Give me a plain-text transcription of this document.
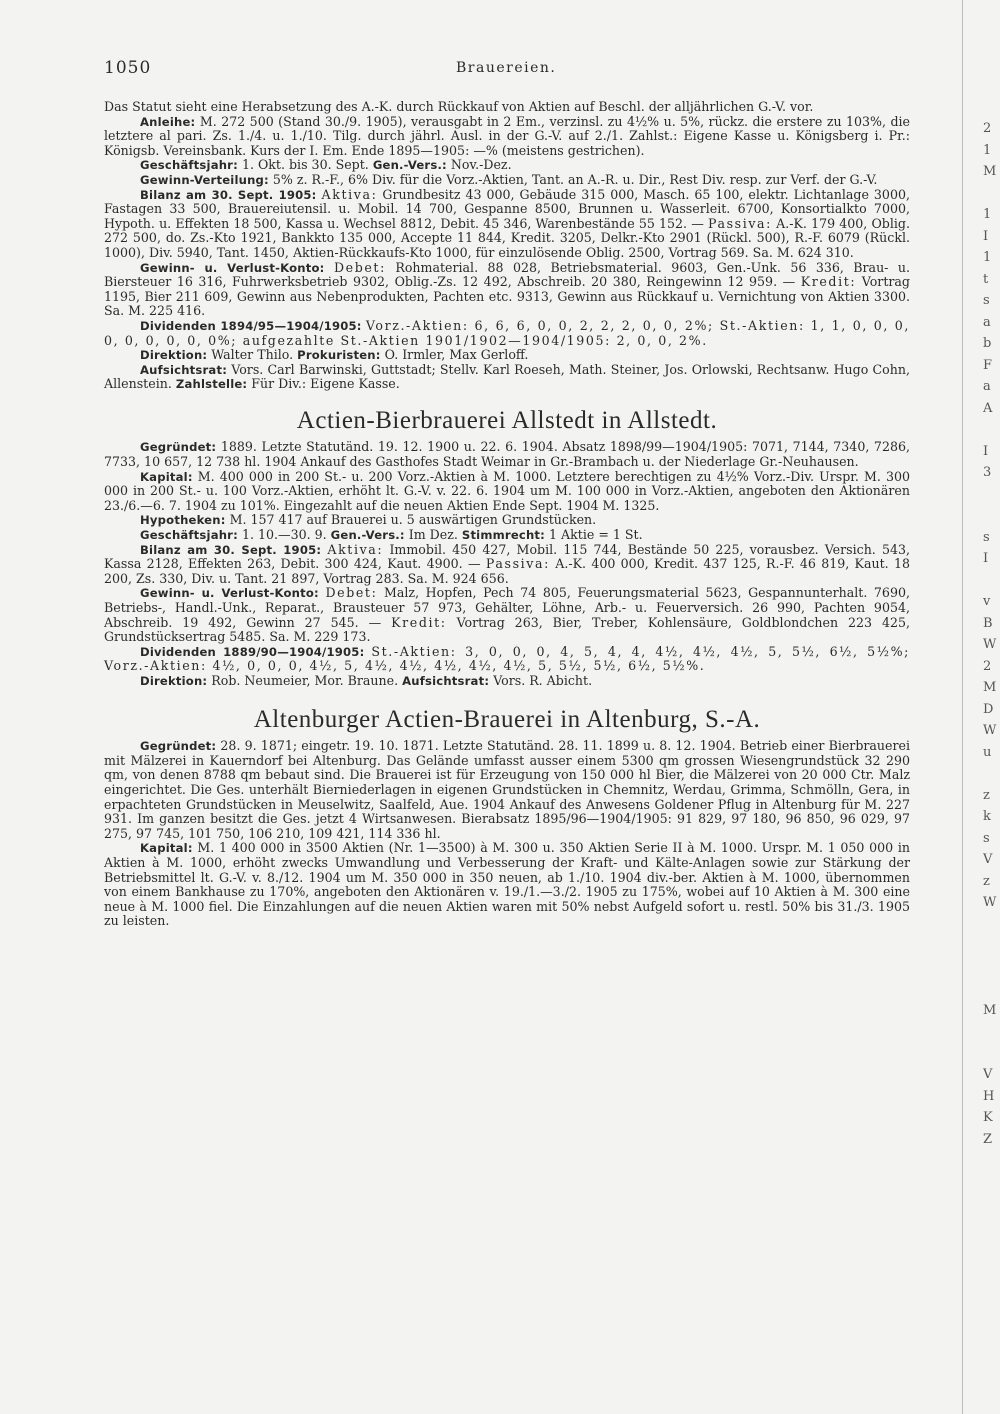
2
1
M

1
I
1
t
s
a
b
F
a
A

I
3

s
I

v
B
W
2
M
D
W
u

z
k
s
V
z
W

M

V
H
K
Z
1050	Brauereien.

Das Statut sieht eine Herabsetzung des A.-K. durch Rückkauf von Aktien auf Beschl. der alljährlichen G.-V. vor.

Anleihe: M. 272 500 (Stand 30./9. 1905), verausgabt in 2 Em., verzinsl. zu 4½% u. 5%, rückz. die erstere zu 103%, die letztere al pari. Zs. 1./4. u. 1./10. Tilg. durch jährl. Ausl. in der G.-V. auf 2./1. Zahlst.: Eigene Kasse u. Königsberg i. Pr.: Königsb. Vereinsbank. Kurs der I. Em. Ende 1895—1905: —% (meistens gestrichen).

Geschäftsjahr: 1. Okt. bis 30. Sept. Gen.-Vers.: Nov.-Dez.

Gewinn-Verteilung: 5% z. R.-F., 6% Div. für die Vorz.-Aktien, Tant. an A.-R. u. Dir., Rest Div. resp. zur Verf. der G.-V.

Bilanz am 30. Sept. 1905: Aktiva: Grundbesitz 43 000, Gebäude 315 000, Masch. 65 100, elektr. Lichtanlage 3000, Fastagen 33 500, Brauereiutensil. u. Mobil. 14 700, Gespanne 8500, Brunnen u. Wasserleit. 6700, Konsortialkto 7000, Hypoth. u. Effekten 18 500, Kassa u. Wechsel 8812, Debit. 45 346, Warenbestände 55 152. — Passiva: A.-K. 179 400, Oblig. 272 500, do. Zs.-Kto 1921, Bankkto 135 000, Accepte 11 844, Kredit. 3205, Delkr.-Kto 2901 (Rückl. 500), R.-F. 6079 (Rückl. 1000), Div. 5940, Tant. 1450, Aktien-Rückkaufs-Kto 1000, für einzulösende Oblig. 2500, Vortrag 569. Sa. M. 624 310.

Gewinn- u. Verlust-Konto: Debet: Rohmaterial. 88 028, Betriebsmaterial. 9603, Gen.-Unk. 56 336, Brau- u. Biersteuer 16 316, Fuhrwerksbetrieb 9302, Oblig.-Zs. 12 492, Abschreib. 20 380, Reingewinn 12 959. — Kredit: Vortrag 1195, Bier 211 609, Gewinn aus Nebenprodukten, Pachten etc. 9313, Gewinn aus Rückkauf u. Vernichtung von Aktien 3300. Sa. M. 225 416.

Dividenden 1894/95—1904/1905: Vorz.-Aktien: 6, 6, 6, 0, 0, 2, 2, 2, 0, 0, 2%; St.-Aktien: 1, 1, 0, 0, 0, 0, 0, 0, 0, 0, 0%; aufgezahlte St.-Aktien 1901/1902—1904/1905: 2, 0, 0, 2%.

Direktion: Walter Thilo. Prokuristen: O. Irmler, Max Gerloff.

Aufsichtsrat: Vors. Carl Barwinski, Guttstadt; Stellv. Karl Roeseh, Math. Steiner, Jos. Orlowski, Rechtsanw. Hugo Cohn, Allenstein. Zahlstelle: Für Div.: Eigene Kasse.

Actien-Bierbrauerei Allstedt in Allstedt.

Gegründet: 1889. Letzte Statutänd. 19. 12. 1900 u. 22. 6. 1904. Absatz 1898/99—1904/1905: 7071, 7144, 7340, 7286, 7733, 10 657, 12 738 hl. 1904 Ankauf des Gasthofes Stadt Weimar in Gr.-Brambach u. der Niederlage Gr.-Neuhausen.

Kapital: M. 400 000 in 200 St.- u. 200 Vorz.-Aktien à M. 1000. Letztere berechtigen zu 4½% Vorz.-Div. Urspr. M. 300 000 in 200 St.- u. 100 Vorz.-Aktien, erhöht lt. G.-V. v. 22. 6. 1904 um M. 100 000 in Vorz.-Aktien, angeboten den Aktionären 23./6.—6. 7. 1904 zu 101%. Eingezahlt auf die neuen Aktien Ende Sept. 1904 M. 1325.

Hypotheken: M. 157 417 auf Brauerei u. 5 auswärtigen Grundstücken.

Geschäftsjahr: 1. 10.—30. 9. Gen.-Vers.: Im Dez. Stimmrecht: 1 Aktie = 1 St.

Bilanz am 30. Sept. 1905: Aktiva: Immobil. 450 427, Mobil. 115 744, Bestände 50 225, vorausbez. Versich. 543, Kassa 2128, Effekten 263, Debit. 300 424, Kaut. 4900. — Passiva: A.-K. 400 000, Kredit. 437 125, R.-F. 46 819, Kaut. 18 200, Zs. 330, Div. u. Tant. 21 897, Vortrag 283. Sa. M. 924 656.

Gewinn- u. Verlust-Konto: Debet: Malz, Hopfen, Pech 74 805, Feuerungsmaterial 5623, Gespannunterhalt. 7690, Betriebs-, Handl.-Unk., Reparat., Brausteuer 57 973, Gehälter, Löhne, Arb.- u. Feuerversich. 26 990, Pachten 9054, Abschreib. 19 492, Gewinn 27 545. — Kredit: Vortrag 263, Bier, Treber, Kohlensäure, Goldblondchen 223 425, Grundstücksertrag 5485. Sa. M. 229 173.

Dividenden 1889/90—1904/1905: St.-Aktien: 3, 0, 0, 0, 4, 5, 4, 4, 4½, 4½, 4½, 5, 5½, 6½, 5½%; Vorz.-Aktien: 4½, 0, 0, 0, 4½, 5, 4½, 4½, 4½, 4½, 4½, 5, 5½, 5½, 6½, 5½%.

Direktion: Rob. Neumeier, Mor. Braune. Aufsichtsrat: Vors. R. Abicht.

Altenburger Actien-Brauerei in Altenburg, S.-A.

Gegründet: 28. 9. 1871; eingetr. 19. 10. 1871. Letzte Statutänd. 28. 11. 1899 u. 8. 12. 1904. Betrieb einer Bierbrauerei mit Mälzerei in Kauerndorf bei Altenburg. Das Gelände umfasst ausser einem 5300 qm grossen Wiesengrundstück 32 290 qm, von denen 8788 qm bebaut sind. Die Brauerei ist für Erzeugung von 150 000 hl Bier, die Mälzerei von 20 000 Ctr. Malz eingerichtet. Die Ges. unterhält Bierniederlagen in eigenen Grundstücken in Chemnitz, Werdau, Grimma, Schmölln, Gera, in erpachteten Grundstücken in Meuselwitz, Saalfeld, Aue. 1904 Ankauf des Anwesens Goldener Pflug in Altenburg für M. 227 931. Im ganzen besitzt die Ges. jetzt 4 Wirtsanwesen. Bierabsatz 1895/96—1904/1905: 91 829, 97 180, 96 850, 96 029, 97 275, 97 745, 101 750, 106 210, 109 421, 114 336 hl.

Kapital: M. 1 400 000 in 3500 Aktien (Nr. 1—3500) à M. 300 u. 350 Aktien Serie II à M. 1000. Urspr. M. 1 050 000 in Aktien à M. 1000, erhöht zwecks Umwandlung und Verbesserung der Kraft- und Kälte-Anlagen sowie zur Stärkung der Betriebsmittel lt. G.-V. v. 8./12. 1904 um M. 350 000 in 350 neuen, ab 1./10. 1904 div.-ber. Aktien à M. 1000, übernommen von einem Bankhause zu 170%, angeboten den Aktionären v. 19./1.—3./2. 1905 zu 175%, wobei auf 10 Aktien à M. 300 eine neue à M. 1000 fiel. Die Einzahlungen auf die neuen Aktien waren mit 50% nebst Aufgeld sofort u. restl. 50% bis 31./3. 1905 zu leisten.
